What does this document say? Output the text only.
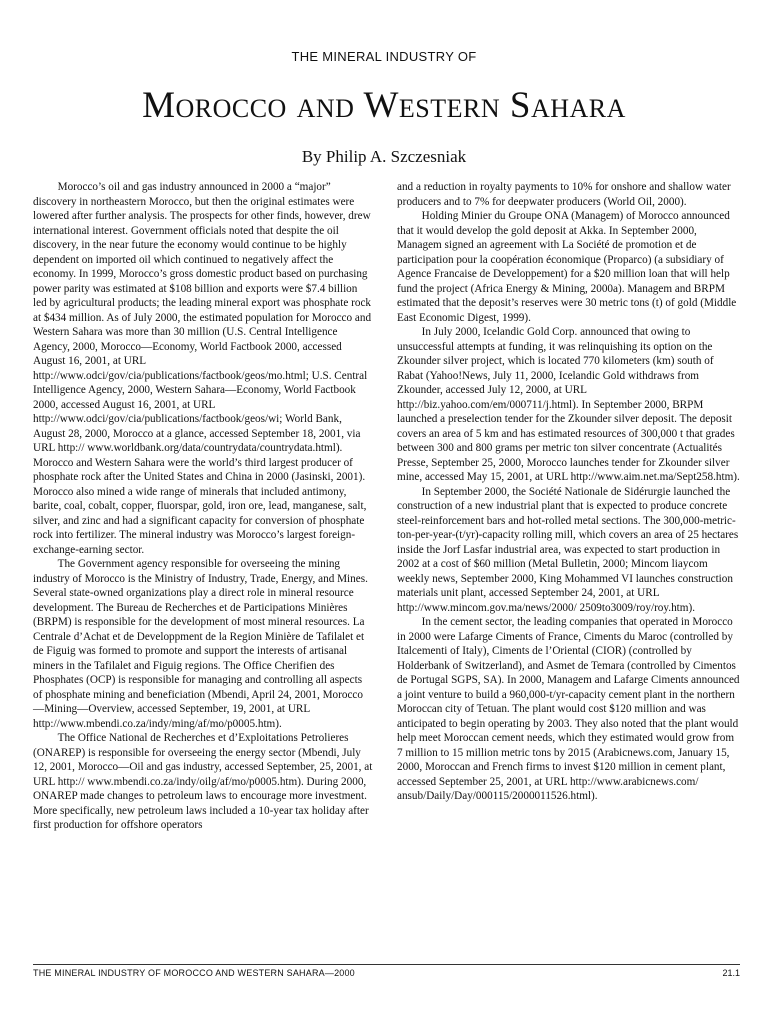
THE MINERAL INDUSTRY OF
Morocco and Western Sahara
By Philip A. Szczesniak

Morocco’s oil and gas industry announced in 2000 a “major” discovery in northeastern Morocco, but then the original estimates were lowered after further analysis. The prospects for other finds, however, drew international interest. Government officials noted that despite the oil discovery, in the near future the economy would continue to be highly dependent on imported oil which continued to negatively affect the economy. In 1999, Morocco’s gross domestic product based on purchasing power parity was estimated at $108 billion and exports were $7.4 billion led by agricultural products; the leading mineral export was phosphate rock at $434 million. As of July 2000, the estimated population for Morocco and Western Sahara was more than 30 million (U.S. Central Intelligence Agency, 2000, Morocco—Economy, World Factbook 2000, accessed August 16, 2001, at URL http://www.odci/gov/cia/publications/factbook/geos/mo.html; U.S. Central Intelligence Agency, 2000, Western Sahara—Economy, World Factbook 2000, accessed August 16, 2001, at URL http://www.odci/gov/cia/publications/factbook/geos/wi; World Bank, August 28, 2000, Morocco at a glance, accessed September 18, 2001, via URL http:// www.worldbank.org/data/countrydata/countrydata.html). Morocco and Western Sahara were the world’s third largest producer of phosphate rock after the United States and China in 2000 (Jasinski, 2001). Morocco also mined a wide range of minerals that included antimony, barite, coal, cobalt, copper, fluorspar, gold, iron ore, lead, manganese, salt, silver, and zinc and had a significant capacity for conversion of phosphate rock into fertilizer. The mineral industry was Morocco’s largest foreign-exchange-earning sector.

The Government agency responsible for overseeing the mining industry of Morocco is the Ministry of Industry, Trade, Energy, and Mines. Several state-owned organizations play a direct role in mineral resource development. The Bureau de Recherches et de Participations Minières (BRPM) is responsible for the development of most mineral resources. La Centrale d’Achat et de Developpment de la Region Minière de Tafilalet et de Figuig was formed to promote and support the interests of artisanal miners in the Tafilalet and Figuig regions. The Office Cherifien des Phosphates (OCP) is responsible for managing and controlling all aspects of phosphate mining and beneficiation (Mbendi, April 24, 2001, Morocco—Mining—Overview, accessed September, 19, 2001, at URL http://www.mbendi.co.za/indy/ming/af/mo/p0005.htm).

The Office National de Recherches et d’Exploitations Petrolieres (ONAREP) is responsible for overseeing the energy sector (Mbendi, July 12, 2001, Morocco—Oil and gas industry, accessed September, 25, 2001, at URL http:// www.mbendi.co.za/indy/oilg/af/mo/p0005.htm). During 2000, ONAREP made changes to petroleum laws to encourage more investment. More specifically, new petroleum laws included a 10-year tax holiday after first production for offshore operators

and a reduction in royalty payments to 10% for onshore and shallow water producers and to 7% for deepwater producers (World Oil, 2000).

Holding Minier du Groupe ONA (Managem) of Morocco announced that it would develop the gold deposit at Akka. In September 2000, Managem signed an agreement with La Société de promotion et de participation pour la coopération économique (Proparco) (a subsidiary of Agence Francaise de Developpement) for a $20 million loan that will help fund the project (Africa Energy & Mining, 2000a). Managem and BRPM estimated that the deposit’s reserves were 30 metric tons (t) of gold (Middle East Economic Digest, 1999).

In July 2000, Icelandic Gold Corp. announced that owing to unsuccessful attempts at funding, it was relinquishing its option on the Zkounder silver project, which is located 770 kilometers (km) south of Rabat (Yahoo!News, July 11, 2000, Icelandic Gold withdraws from Zkounder, accessed July 12, 2000, at URL http://biz.yahoo.com/em/000711/j.html). In September 2000, BRPM launched a preselection tender for the Zkounder silver deposit. The deposit covers an area of 5 km and has estimated resources of 300,000 t that grades between 300 and 800 grams per metric ton silver concentrate (Actualités Presse, September 25, 2000, Morocco launches tender for Zkounder silver mine, accessed May 15, 2001, at URL http://www.aim.net.ma/Sept258.htm).

In September 2000, the Société Nationale de Sidérurgie launched the construction of a new industrial plant that is expected to produce concrete steel-reinforcement bars and hot-rolled metal sections. The 300,000-metric-ton-per-year-(t/yr)-capacity rolling mill, which covers an area of 25 hectares inside the Jorf Lasfar industrial area, was expected to start production in 2002 at a cost of $60 million (Metal Bulletin, 2000; Mincom liaycom weekly news, September 2000, King Mohammed VI launches construction materials unit plant, accessed September 24, 2001, at URL http://www.mincom.gov.ma/news/2000/ 2509to3009/roy/roy.htm).

In the cement sector, the leading companies that operated in Morocco in 2000 were Lafarge Ciments of France, Ciments du Maroc (controlled by Italcementi of Italy), Ciments de l’Oriental (CIOR) (controlled by Holderbank of Switzerland), and Asmet de Temara (controlled by Cimentos de Portugal SGPS, SA). In 2000, Managem and Lafarge Ciments announced a joint venture to build a 960,000-t/yr-capacity cement plant in the northern Moroccan city of Tetuan. The plant would cost $120 million and was anticipated to begin operating by 2003. They also noted that the plant would help meet Moroccan cement needs, which they estimated would grow from 7 million to 15 million metric tons by 2015 (Arabicnews.com, January 15, 2000, Moroccan and French firms to invest $120 million in cement plant, accessed September 25, 2001, at URL http://www.arabicnews.com/ ansub/Daily/Day/000115/2000011526.html).

THE MINERAL INDUSTRY OF MOROCCO AND WESTERN SAHARA—2000	21.1
